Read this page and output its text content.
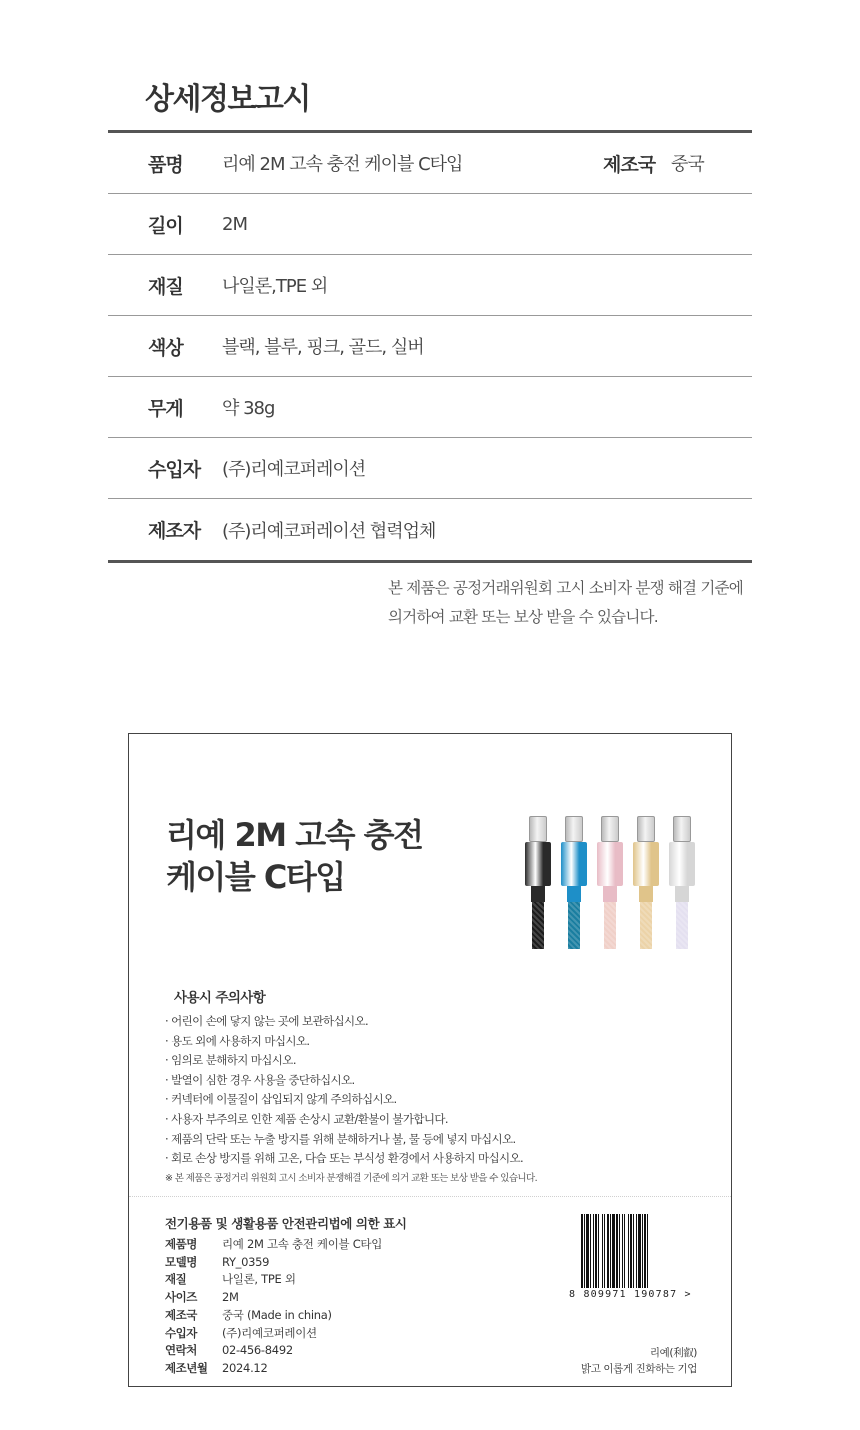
상세정보고시
품명	리예 2M 고속 충전 케이블 C타입	제조국 중국
길이	2M
재질	나일론,TPE 외
색상	블랙, 블루, 핑크, 골드, 실버
무게	약 38g
수입자	(주)리예코퍼레이션
제조자	(주)리예코퍼레이션 협력업체
본 제품은 공정거래위원회 고시 소비자 분쟁 해결 기준에
의거하여 교환 또는 보상 받을 수 있습니다.
리예 2M 고속 충전
케이블 C타입
사용시 주의사항
· 어린이 손에 닿지 않는 곳에 보관하십시오.
· 용도 외에 사용하지 마십시오.
· 임의로 분해하지 마십시오.
· 발열이 심한 경우 사용을 중단하십시오.
· 커넥터에 이물질이 삽입되지 않게 주의하십시오.
· 사용자 부주의로 인한 제품 손상시 교환/환불이 불가합니다.
· 제품의 단락 또는 누출 방지를 위해 분해하거나 불, 물 등에 넣지 마십시오.
· 회로 손상 방지를 위해 고온, 다습 또는 부식성 환경에서 사용하지 마십시오.
※ 본 제품은 공정거리 위원회 고시 소비자 분쟁해결 기준에 의거 교환 또는 보상 받을 수 있습니다.
전기용품 및 생활용품 안전관리법에 의한 표시
제품명	리예 2M 고속 충전 케이블 C타입
모델명	RY_0359
재질	나일론, TPE 외
사이즈	2M
제조국	중국 (Made in china)
수입자	(주)리예코퍼레이션
연락처	02-456-8492
제조년월	2024.12
8 809971 190787 >
리예(利叡)
밝고 이롭게 진화하는 기업
